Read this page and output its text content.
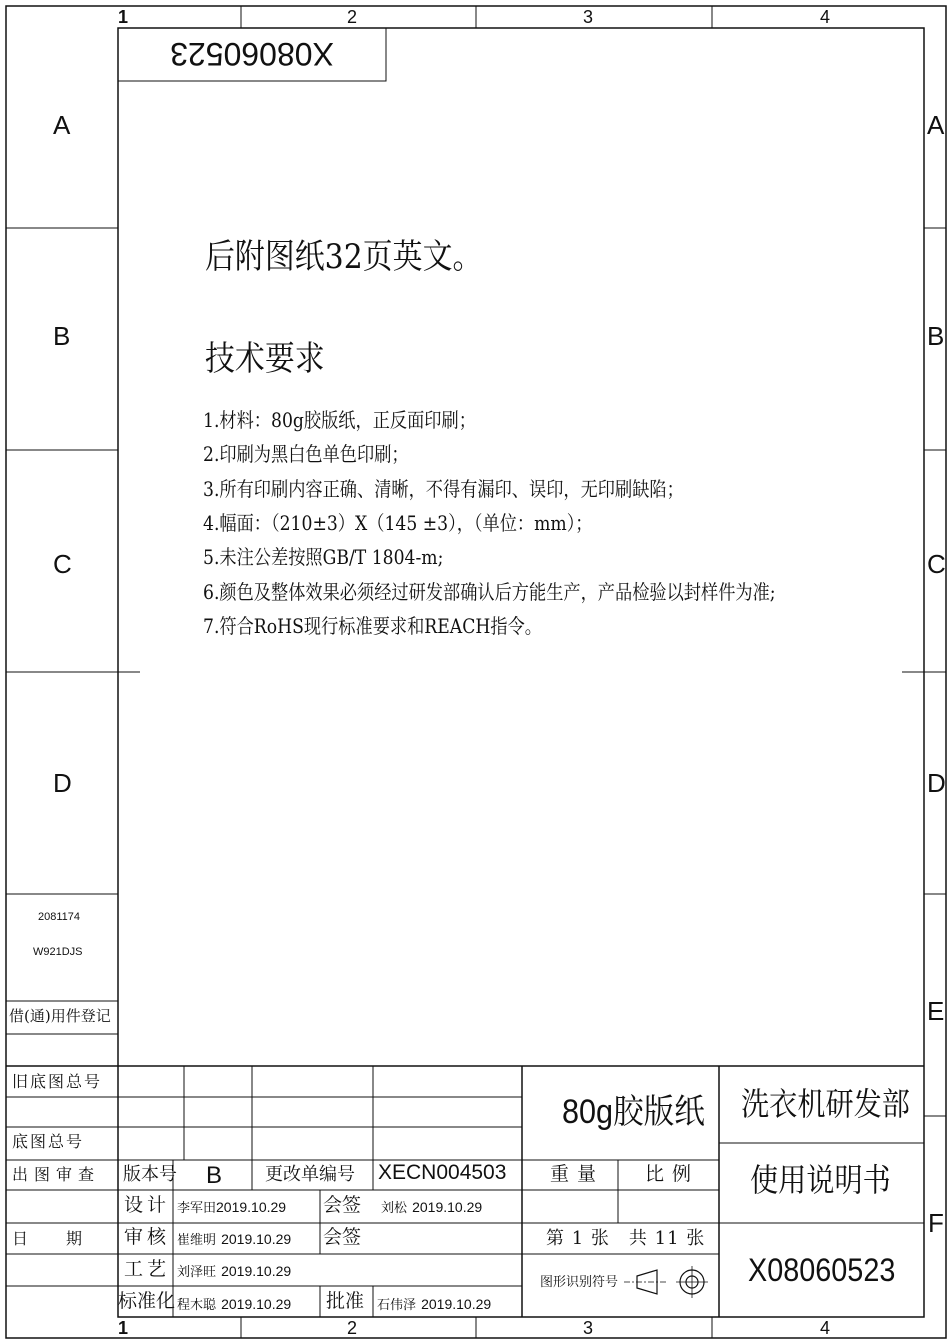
1	2	3	4
1	2	3	4
A
B
C
D
A
B
C
D
E
F
X08060523
后附图纸32页英文。
技术要求
1.材料：80g胶版纸，正反面印刷；
2.印刷为黑白色单色印刷；
3.所有印刷内容正确、清晰，不得有漏印、误印，无印刷缺陷；
4.幅面：（210±3）X（145 ±3），（单位：mm）；
5.未注公差按照GB/T 1804-m;
6.颜色及整体效果必须经过研发部确认后方能生产，产品检验以封样件为准;
7.符合RoHS现行标准要求和REACH指令。
2081174
W921DJS
借(通)用件登记
旧底图总号
底图总号
出图审查
日　　期
版本号 B 更改单编号 XECN004503
设计 李军田2019.10.29 会签 刘松 2019.10.29
审核 崔维明 2019.10.29 会签
工艺 刘泽旺 2019.10.29
标准化 程木聪 2019.10.29 批准 石伟泽 2019.10.29
80g胶版纸
重量 比例
第 1 张　共 11 张
图形识别符号
洗衣机研发部
使用说明书
X08060523
